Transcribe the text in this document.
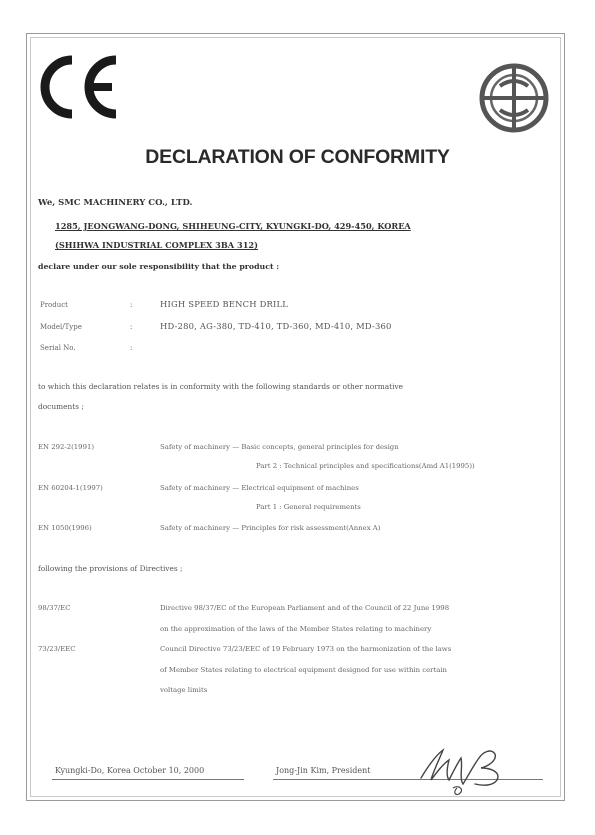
DECLARATION OF CONFORMITY
We, SMC MACHINERY CO., LTD.
1285, JEONGWANG-DONG, SHIHEUNG-CITY, KYUNGKI-DO, 429-450, KOREA
(SHIHWA INDUSTRIAL COMPLEX 3BA 312)
declare under our sole responsibility that the product :
Product	:	HIGH SPEED BENCH DRILL
Model/Type	:	HD-280, AG-380, TD-410, TD-360, MD-410, MD-360
Serial No.	:
to which this declaration relates is in conformity with the following standards or other normative
documents ;
EN 292-2(1991)	Safety of machinery — Basic concepts, general principles for design
Part 2 : Technical principles and specifications(Amd A1(1995))
EN 60204-1(1997)	Safety of machinery — Electrical equipment of machines
Part 1 : General requirements
EN 1050(1996)	Safety of machinery — Principles for risk assessment(Annex A)
following the provisions of Directives ;
98/37/EC	Directive 98/37/EC of the European Parliament and of the Council of 22 June 1998
on the approximation of the laws of the Member States relating to machinery
73/23/EEC	Council Directive 73/23/EEC of 19 February 1973 on the harmonization of the laws
of Member States relating to electrical equipment designed for use within certain
voltage limits
Kyungki-Do, Korea October 10, 2000	Jong-Jin Kim, President
